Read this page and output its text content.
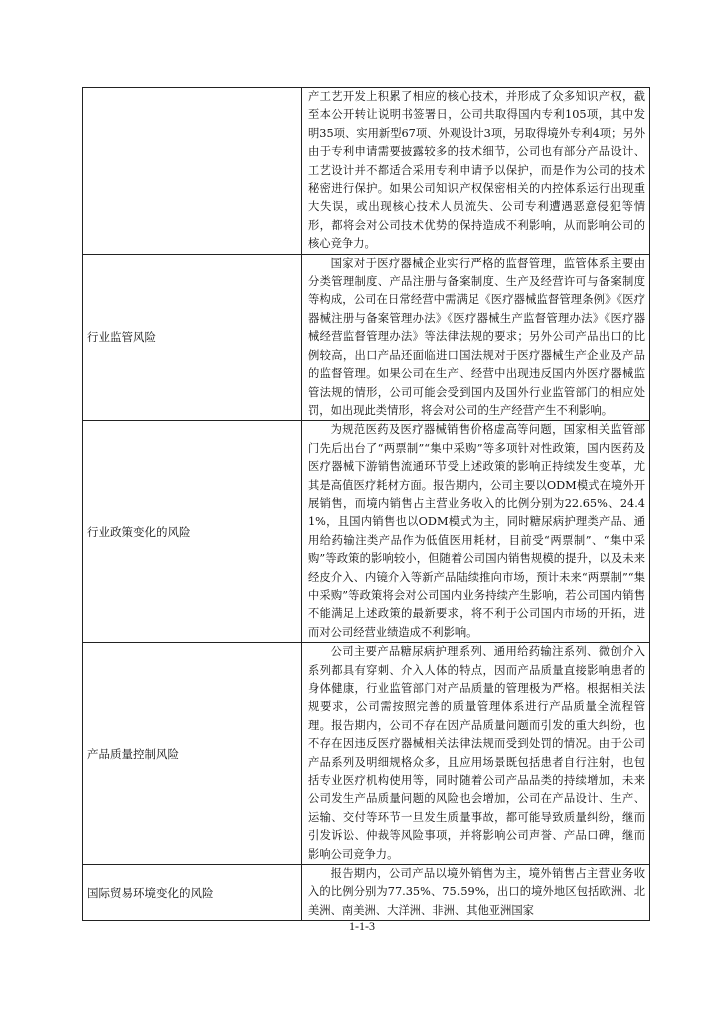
	产工艺开发上积累了相应的核心技术，并形成了众多知识产权，截至本公开转让说明书签署日，公司共取得国内专利105项，其中发明35项、实用新型67项、外观设计3项，另取得境外专利4项；另外由于专利申请需要披露较多的技术细节，公司也有部分产品设计、工艺设计并不都适合采用专利申请予以保护，而是作为公司的技术秘密进行保护。如果公司知识产权保密相关的内控体系运行出现重大失误，或出现核心技术人员流失、公司专利遭遇恶意侵犯等情形，都将会对公司技术优势的保持造成不利影响，从而影响公司的核心竞争力。

行业监管风险	国家对于医疗器械企业实行严格的监督管理，监管体系主要由分类管理制度、产品注册与备案制度、生产及经营许可与备案制度等构成，公司在日常经营中需满足《医疗器械监督管理条例》《医疗器械注册与备案管理办法》《医疗器械生产监督管理办法》《医疗器械经营监督管理办法》等法律法规的要求；另外公司产品出口的比例较高，出口产品还面临进口国法规对于医疗器械生产企业及产品的监督管理。如果公司在生产、经营中出现违反国内外医疗器械监管法规的情形，公司可能会受到国内及国外行业监管部门的相应处罚，如出现此类情形，将会对公司的生产经营产生不利影响。

行业政策变化的风险	为规范医药及医疗器械销售价格虚高等问题，国家相关监管部门先后出台了“两票制”“集中采购”等多项针对性政策，国内医药及医疗器械下游销售流通环节受上述政策的影响正持续发生变革，尤其是高值医疗耗材方面。报告期内，公司主要以ODM模式在境外开展销售，而境内销售占主营业务收入的比例分别为22.65%、24.41%，且国内销售也以ODM模式为主，同时糖尿病护理类产品、通用给药输注类产品作为低值医用耗材，目前受“两票制”、“集中采购”等政策的影响较小，但随着公司国内销售规模的提升，以及未来经皮介入、内镜介入等新产品陆续推向市场，预计未来“两票制”“集中采购”等政策将会对公司国内业务持续产生影响，若公司国内销售不能满足上述政策的最新要求，将不利于公司国内市场的开拓，进而对公司经营业绩造成不利影响。

产品质量控制风险	公司主要产品糖尿病护理系列、通用给药输注系列、微创介入系列都具有穿刺、介入人体的特点，因而产品质量直接影响患者的身体健康，行业监管部门对产品质量的管理极为严格。根据相关法规要求，公司需按照完善的质量管理体系进行产品质量全流程管理。报告期内，公司不存在因产品质量问题而引发的重大纠纷，也不存在因违反医疗器械相关法律法规而受到处罚的情况。由于公司产品系列及明细规格众多，且应用场景既包括患者自行注射，也包括专业医疗机构使用等，同时随着公司产品品类的持续增加，未来公司发生产品质量问题的风险也会增加，公司在产品设计、生产、运输、交付等环节一旦发生质量事故，都可能导致质量纠纷，继而引发诉讼、仲裁等风险事项，并将影响公司声誉、产品口碑，继而影响公司竞争力。

国际贸易环境变化的风险	报告期内，公司产品以境外销售为主，境外销售占主营业务收入的比例分别为77.35%、75.59%，出口的境外地区包括欧洲、北美洲、南美洲、大洋洲、非洲、其他亚洲国家

1-1-3
